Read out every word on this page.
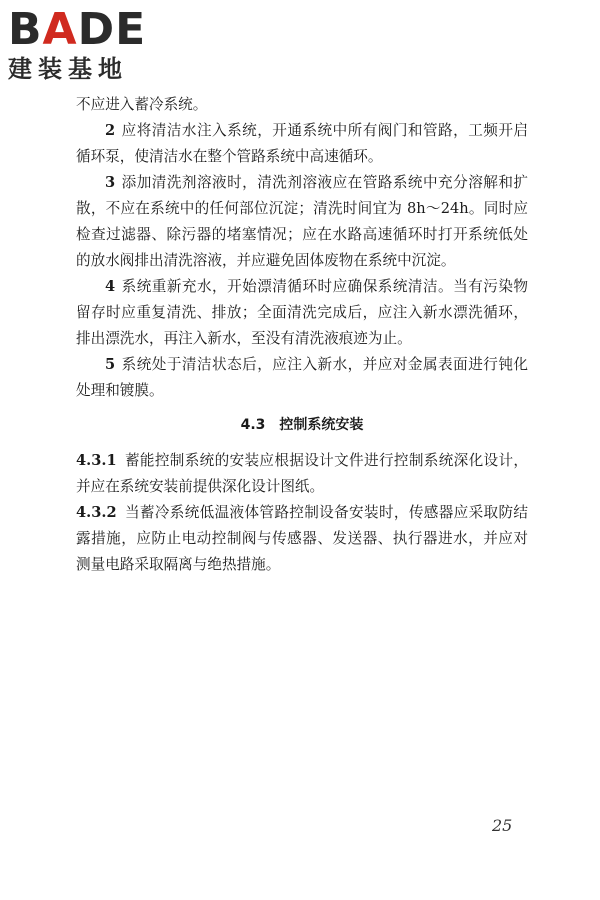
BADE
建装基地

不应进入蓄冷系统。

2 应将清洁水注入系统，开通系统中所有阀门和管路，工频开启循环泵，使清洁水在整个管路系统中高速循环。

3 添加清洗剂溶液时，清洗剂溶液应在管路系统中充分溶解和扩散，不应在系统中的任何部位沉淀；清洗时间宜为 8h～24h。同时应检查过滤器、除污器的堵塞情况；应在水路高速循环时打开系统低处的放水阀排出清洗溶液，并应避免固体废物在系统中沉淀。

4 系统重新充水，开始漂清循环时应确保系统清洁。当有污染物留存时应重复清洗、排放；全面清洗完成后，应注入新水漂洗循环，排出漂洗水，再注入新水，至没有清洗液痕迹为止。

5 系统处于清洁状态后，应注入新水，并应对金属表面进行钝化处理和镀膜。

4.3 控制系统安装

4.3.1 蓄能控制系统的安装应根据设计文件进行控制系统深化设计，并应在系统安装前提供深化设计图纸。

4.3.2 当蓄冷系统低温液体管路控制设备安装时，传感器应采取防结露措施，应防止电动控制阀与传感器、发送器、执行器进水，并应对测量电路采取隔离与绝热措施。

25
